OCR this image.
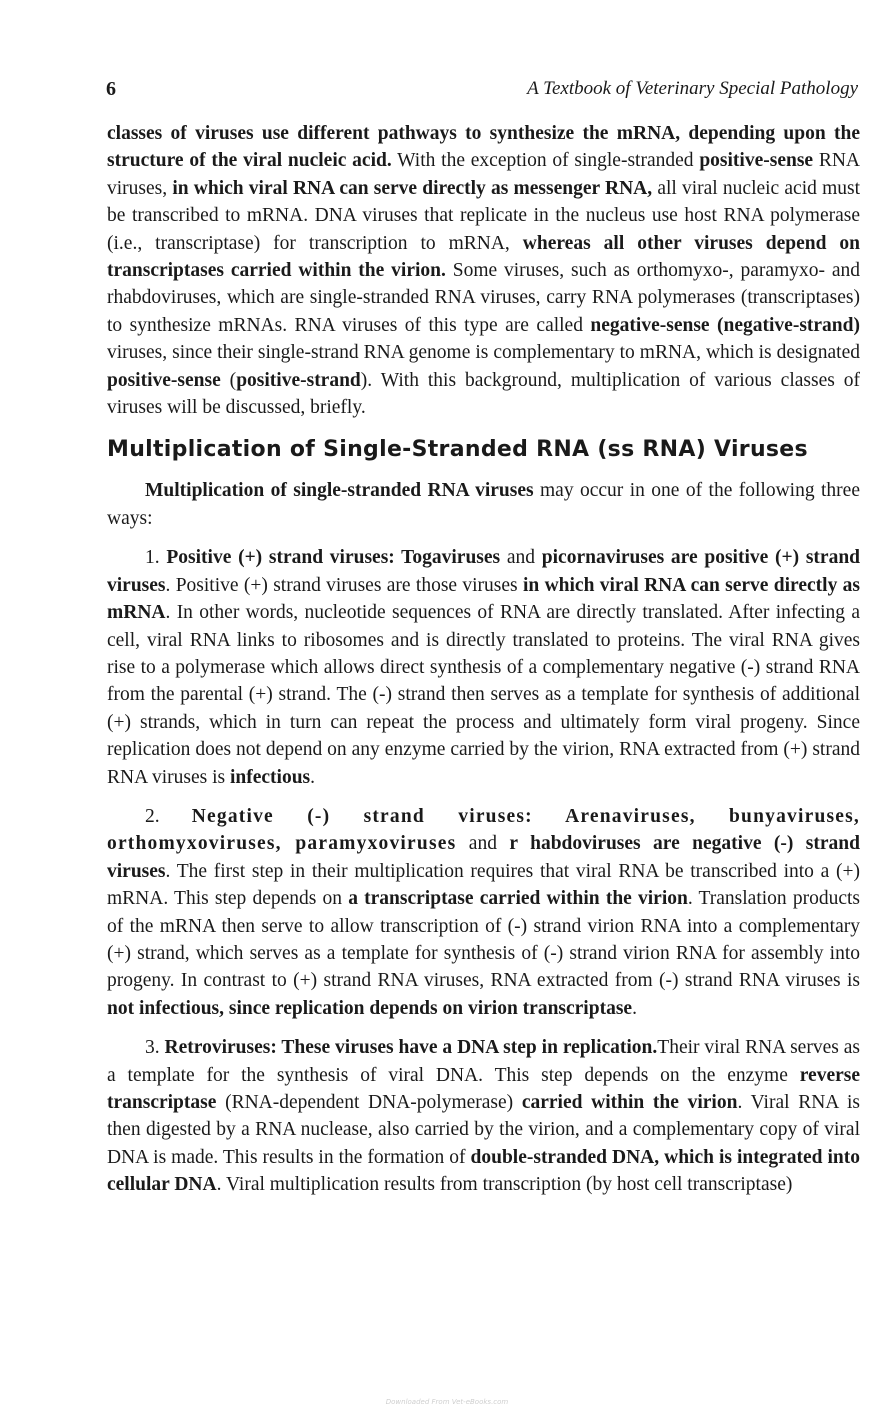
6	A Textbook of Veterinary Special Pathology

classes of viruses use different pathways to synthesize the mRNA, depending upon the structure of the viral nucleic acid. With the exception of single-stranded positive-sense RNA viruses, in which viral RNA can serve directly as messenger RNA, all viral nucleic acid must be transcribed to mRNA. DNA viruses that replicate in the nucleus use host RNA polymerase (i.e., transcriptase) for transcription to mRNA, whereas all other viruses depend on transcriptases carried within the virion. Some viruses, such as orthomyxo-, paramyxo- and rhabdoviruses, which are single-stranded RNA viruses, carry RNA polymerases (transcriptases) to synthesize mRNAs. RNA viruses of this type are called negative-sense (negative-strand) viruses, since their single-strand RNA genome is complementary to mRNA, which is designated positive-sense (positive-strand). With this background, multiplication of various classes of viruses will be discussed, briefly.

Multiplication of Single-Stranded RNA (ss RNA) Viruses

Multiplication of single-stranded RNA viruses may occur in one of the following three ways:

1. Positive (+) strand viruses: Togaviruses and picornaviruses are positive (+) strand viruses. Positive (+) strand viruses are those viruses in which viral RNA can serve directly as mRNA. In other words, nucleotide sequences of RNA are directly translated. After infecting a cell, viral RNA links to ribosomes and is directly translated to proteins. The viral RNA gives rise to a polymerase which allows direct synthesis of a complementary negative (-) strand RNA from the parental (+) strand. The (-) strand then serves as a template for synthesis of additional (+) strands, which in turn can repeat the process and ultimately form viral progeny. Since replication does not depend on any enzyme carried by the virion, RNA extracted from (+) strand RNA viruses is infectious.

2. Negative (-) strand viruses: Arenaviruses, bunyaviruses, orthomyxoviruses, paramyxoviruses and r habdoviruses are negative (-) strand viruses. The first step in their multiplication requires that viral RNA be transcribed into a (+) mRNA. This step depends on a transcriptase carried within the virion. Translation products of the mRNA then serve to allow transcription of (-) strand virion RNA into a complementary (+) strand, which serves as a template for synthesis of (-) strand virion RNA for assembly into progeny. In contrast to (+) strand RNA viruses, RNA extracted from (-) strand RNA viruses is not infectious, since replication depends on virion transcriptase.

3. Retroviruses: These viruses have a DNA step in replication.Their viral RNA serves as a template for the synthesis of viral DNA. This step depends on the enzyme reverse transcriptase (RNA-dependent DNA-polymerase) carried within the virion. Viral RNA is then digested by a RNA nuclease, also carried by the virion, and a complementary copy of viral DNA is made. This results in the formation of double-stranded DNA, which is integrated into cellular DNA. Viral multiplication results from transcription (by host cell transcriptase)

Downloaded From Vet-eBooks.com
